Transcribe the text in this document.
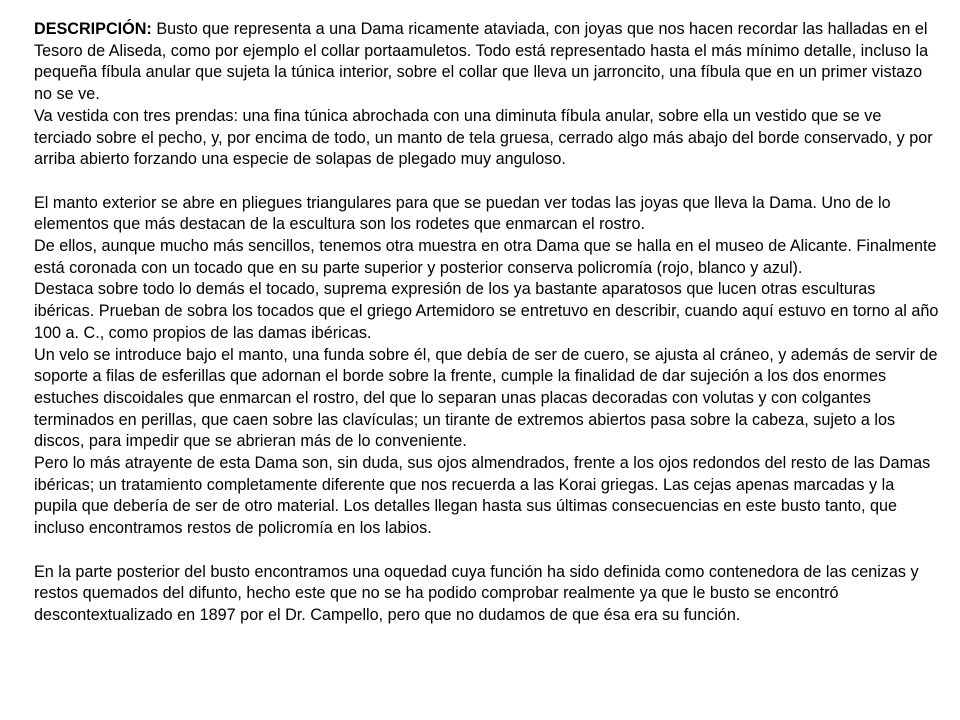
DESCRIPCIÓN: Busto que representa a una Dama ricamente ataviada, con joyas que nos hacen recordar las halladas en el Tesoro de Aliseda, como por ejemplo el collar portaamuletos. Todo está representado hasta el más mínimo detalle, incluso la pequeña fíbula anular que sujeta la túnica interior, sobre el collar que lleva un jarroncito, una fíbula que en un primer vistazo no se ve.

Va vestida con tres prendas: una fina túnica abrochada con una diminuta fíbula anular, sobre ella un vestido que se ve terciado sobre el pecho, y, por encima de todo, un manto de tela gruesa, cerrado algo más abajo del borde conservado, y por arriba abierto forzando una especie de solapas de plegado muy anguloso.

El manto exterior se abre en pliegues triangulares para que se puedan ver todas las joyas que lleva la Dama. Uno de lo elementos que más destacan de la escultura son los rodetes que enmarcan el rostro.

De ellos, aunque mucho más sencillos, tenemos otra muestra en otra Dama que se halla en el museo de Alicante. Finalmente está coronada con un tocado que en su parte superior y posterior conserva policromía (rojo, blanco y azul).

Destaca sobre todo lo demás el tocado, suprema expresión de los ya bastante aparatosos que lucen otras esculturas ibéricas. Prueban de sobra los tocados que el griego Artemidoro se entretuvo en describir, cuando aquí estuvo en torno al año 100 a. C., como propios de las damas ibéricas.

Un velo se introduce bajo el manto, una funda sobre él, que debía de ser de cuero, se ajusta al cráneo, y además de servir de soporte a filas de esferillas que adornan el borde sobre la frente, cumple la finalidad de dar sujeción a los dos enormes estuches discoidales que enmarcan el rostro, del que lo separan unas placas decoradas con volutas y con colgantes terminados en perillas, que caen sobre las clavículas; un tirante de extremos abiertos pasa sobre la cabeza, sujeto a los discos, para impedir que se abrieran más de lo conveniente.

Pero lo más atrayente de esta Dama son, sin duda, sus ojos almendrados, frente a los ojos redondos del resto de las Damas ibéricas; un tratamiento completamente diferente que nos recuerda a las Korai griegas. Las cejas apenas marcadas y la pupila que debería de ser de otro material. Los detalles llegan hasta sus últimas consecuencias en este busto tanto, que incluso encontramos restos de policromía en los labios.

En la parte posterior del busto encontramos una oquedad cuya función ha sido definida como contenedora de las cenizas y restos quemados del difunto, hecho este que no se ha podido comprobar realmente ya que le busto se encontró descontextualizado en 1897 por el Dr. Campello, pero que no dudamos de que ésa era su función.
